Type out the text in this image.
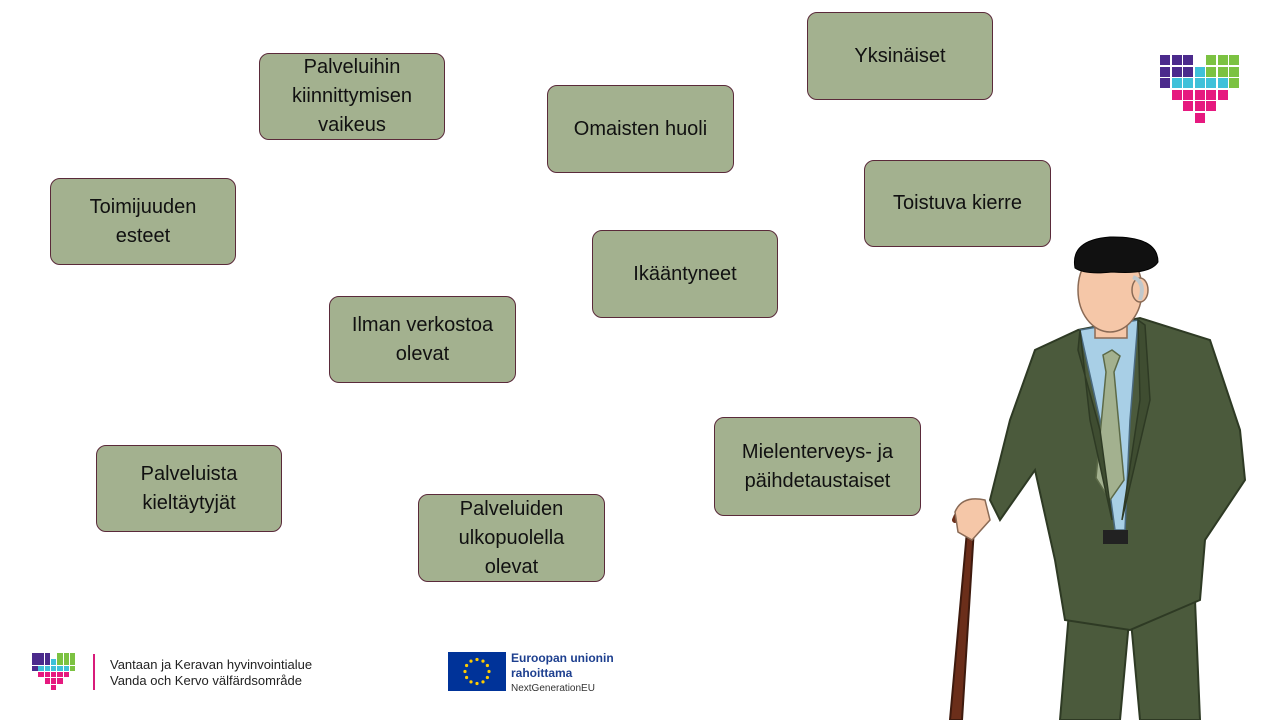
Palveluihin
kiinnittymisen
vaikeus	Omaisten huoli
Yksinäiset
Toimijuuden
esteet
Toistuva kierre
Ikääntyneet
Ilman verkostoa
olevat
Mielenterveys- ja
päihdetaustaiset
Palveluista
kieltäytyjät	Palveluiden
ulkopuolella
olevat
Vantaan ja Keravan hyvinvointialue
Vanda och Kervo välfärdsområde
Euroopan unionin
rahoittama
NextGenerationEU
